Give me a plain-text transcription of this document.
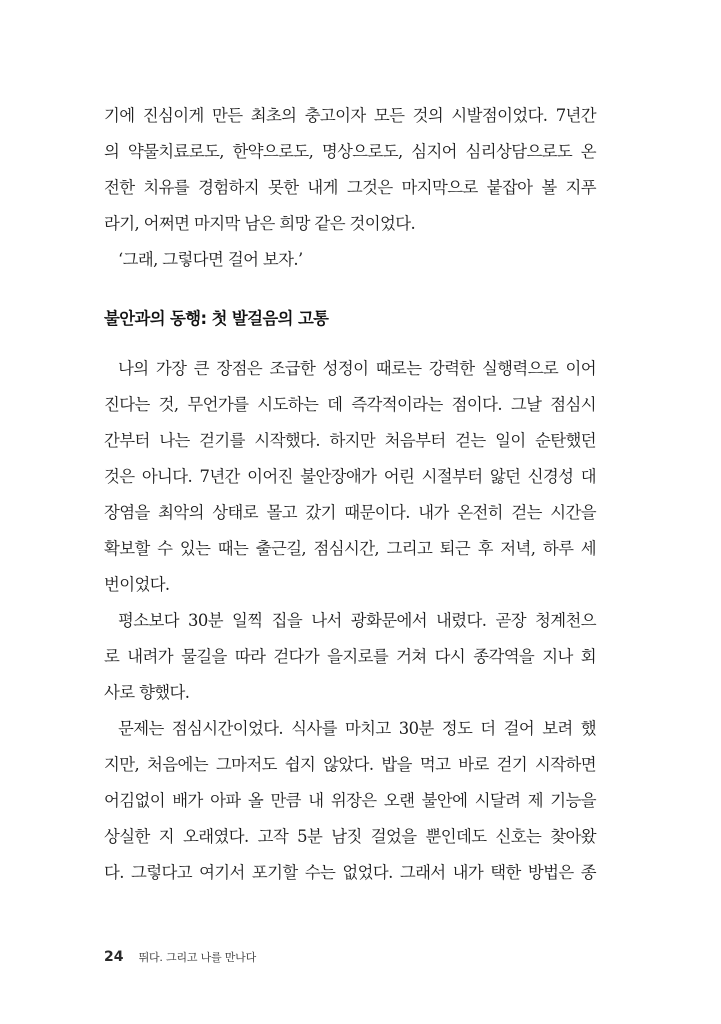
기에 진심이게 만든 최초의 충고이자 모든 것의 시발점이었다. 7년간
의 약물치료로도, 한약으로도, 명상으로도, 심지어 심리상담으로도 온
전한 치유를 경험하지 못한 내게 그것은 마지막으로 붙잡아 볼 지푸
라기, 어쩌면 마지막 남은 희망 같은 것이었다.
‘그래, 그렇다면 걸어 보자.’
불안과의 동행: 첫 발걸음의 고통
나의 가장 큰 장점은 조급한 성정이 때로는 강력한 실행력으로 이어
진다는 것, 무언가를 시도하는 데 즉각적이라는 점이다. 그날 점심시
간부터 나는 걷기를 시작했다. 하지만 처음부터 걷는 일이 순탄했던
것은 아니다. 7년간 이어진 불안장애가 어린 시절부터 앓던 신경성 대
장염을 최악의 상태로 몰고 갔기 때문이다. 내가 온전히 걷는 시간을
확보할 수 있는 때는 출근길, 점심시간, 그리고 퇴근 후 저녁, 하루 세
번이었다.
평소보다 30분 일찍 집을 나서 광화문에서 내렸다. 곧장 청계천으
로 내려가 물길을 따라 걷다가 을지로를 거쳐 다시 종각역을 지나 회
사로 향했다.
문제는 점심시간이었다. 식사를 마치고 30분 정도 더 걸어 보려 했
지만, 처음에는 그마저도 쉽지 않았다. 밥을 먹고 바로 걷기 시작하면
어김없이 배가 아파 올 만큼 내 위장은 오랜 불안에 시달려 제 기능을
상실한 지 오래였다. 고작 5분 남짓 걸었을 뿐인데도 신호는 찾아왔
다. 그렇다고 여기서 포기할 수는 없었다. 그래서 내가 택한 방법은 종
24 뛰다. 그리고 나를 만나다
